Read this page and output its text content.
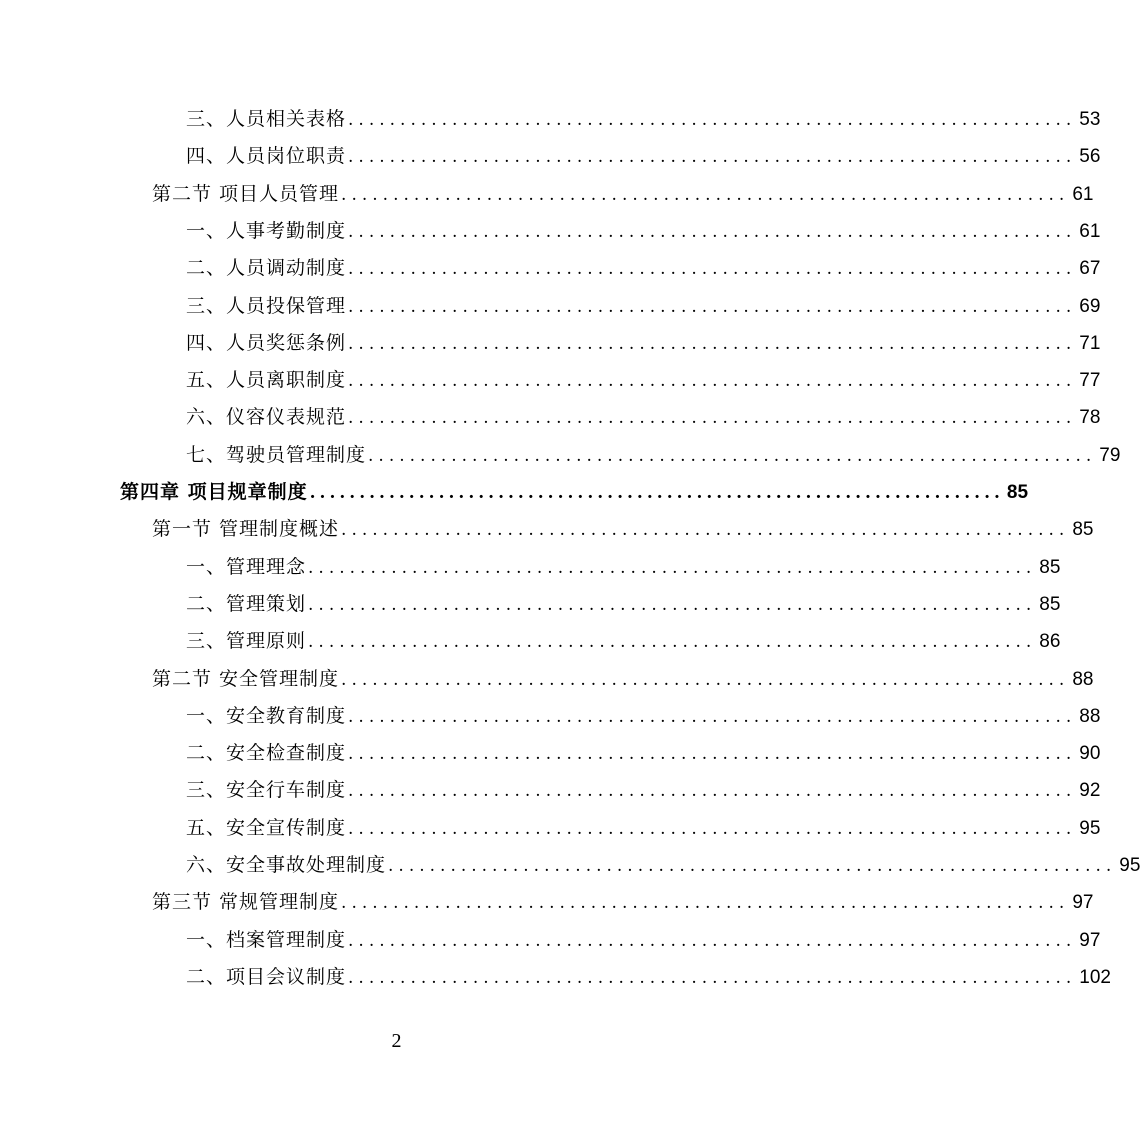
三、人员相关表格 ...................................................................... 53
四、人员岗位职责 ...................................................................... 56
第二节 项目人员管理 ...................................................................... 61
一、人事考勤制度 ...................................................................... 61
二、人员调动制度 ...................................................................... 67
三、人员投保管理 ...................................................................... 69
四、人员奖惩条例 ...................................................................... 71
五、人员离职制度 ...................................................................... 77
六、仪容仪表规范 ...................................................................... 78
七、驾驶员管理制度 ...................................................................... 79
第四章 项目规章制度 ...................................................................... 85
第一节 管理制度概述 ...................................................................... 85
一、管理理念 ...................................................................... 85
二、管理策划 ...................................................................... 85
三、管理原则 ...................................................................... 86
第二节 安全管理制度 ...................................................................... 88
一、安全教育制度 ...................................................................... 88
二、安全检查制度 ...................................................................... 90
三、安全行车制度 ...................................................................... 92
五、安全宣传制度 ...................................................................... 95
六、安全事故处理制度 ...................................................................... 95
第三节 常规管理制度 ...................................................................... 97
一、档案管理制度 ...................................................................... 97
二、项目会议制度 ...................................................................... 102
2
